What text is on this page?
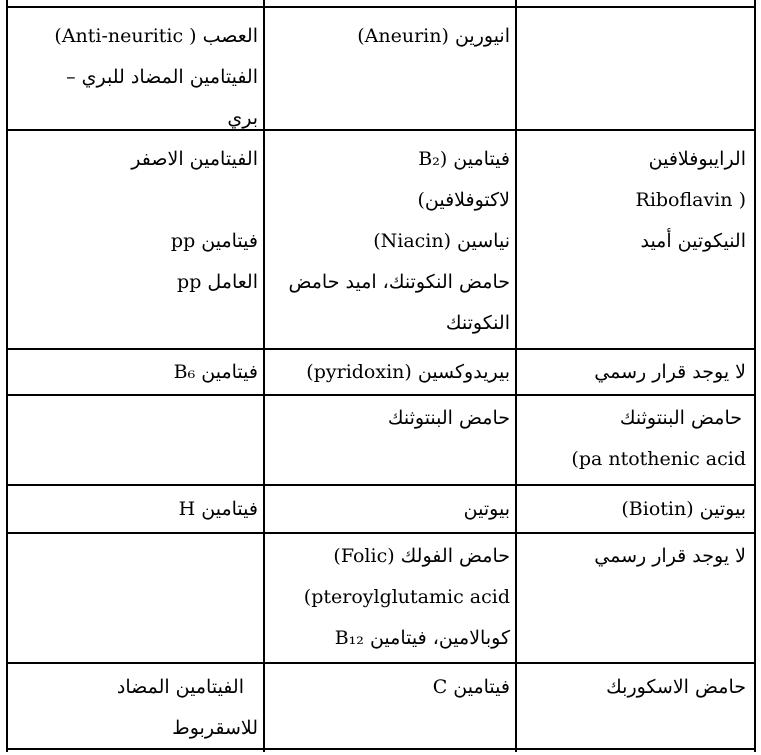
انيورين (Aneurin)
العصب ( Anti-neuritic)
الفيتامين المضاد للبري –
بري
الرايبوفلافين
Riboflavin )
النيكوتين أميد
فيتامين (B₂
لاكتوفلافين)
نياسين (Niacin)
حامض النكوتنك، اميد حامض
النكوتنك
الفيتامين الاصفر

فيتامين pp
العامل pp
لا يوجد قرار رسمي
بيريدوكسين (pyridoxin)
فيتامين B₆
حامض البنتوثنك
(pa ntothenic acid
حامض البنتوثنك
بيوتين (Biotin)
بيوتين
فيتامين H
لا يوجد قرار رسمي
حامض الفولك (Folic)
(pteroylglutamic acid
كوبالامين، فيتامين B₁₂
حامض الاسكوربك
فيتامين C
الفيتامين المضاد
للاسقربوط
